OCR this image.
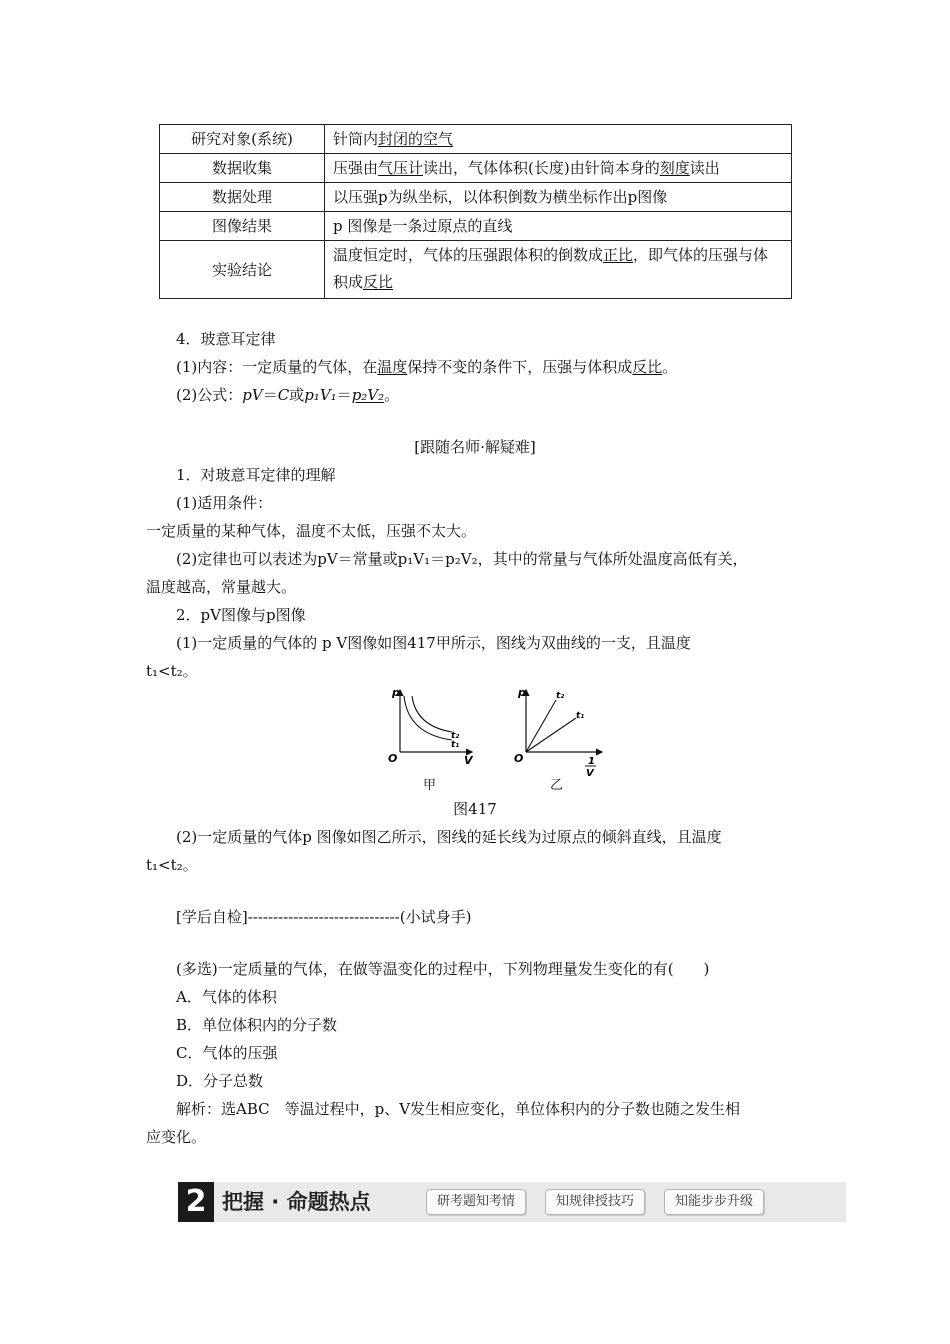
研究对象(系统)	针筒内封闭的空气
数据收集	压强由气压计读出，气体体积(长度)由针筒本身的刻度读出
数据处理	以压强p为纵坐标，以体积倒数为横坐标作出p图像
图像结果	p 图像是一条过原点的直线
实验结论	温度恒定时，气体的压强跟体积的倒数成正比，即气体的压强与体积成反比
4．玻意耳定律
(1)内容：一定质量的气体，在温度保持不变的条件下，压强与体积成反比。
(2)公式：pV＝C或p₁V₁＝p₂V₂。
[跟随名师·解疑难]
1．对玻意耳定律的理解
(1)适用条件：
一定质量的某种气体，温度不太低，压强不太大。
(2)定律也可以表述为pV＝常量或p₁V₁＝p₂V₂，其中的常量与气体所处温度高低有关，
温度越高，常量越大。
2．pV图像与p图像
(1)一定质量的气体的 p V图像如图417甲所示，图线为双曲线的一支，且温度
t₁<t₂。
p
V
O
t₂
t₁
p
O
t₂
t₁
1
V
甲	乙
图417
(2)一定质量的气体p 图像如图乙所示，图线的延长线为过原点的倾斜直线，且温度
t₁<t₂。
[学后自检]------------------------------(小试身手)
(多选)一定质量的气体，在做等温变化的过程中，下列物理量发生变化的有(　　)
A．气体的体积
B．单位体积内的分子数
C．气体的压强
D．分子总数
解析：选ABC　等温过程中，p、V发生相应变化，单位体积内的分子数也随之发生相
应变化。
2 把握 · 命题热点	研考题知考情	知规律授技巧	知能步步升级
